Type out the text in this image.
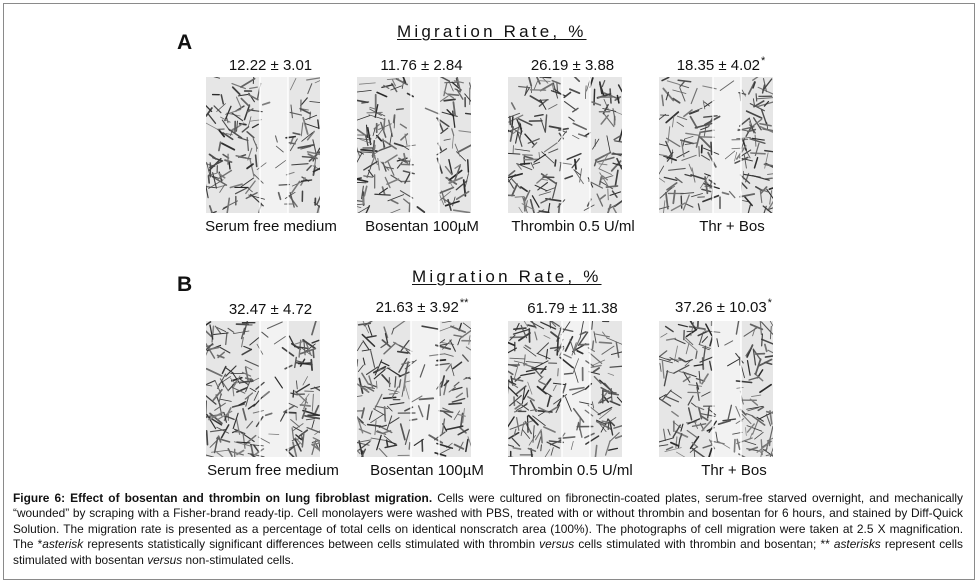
A	Migration Rate, %
12.22 ± 3.01	11.76 ± 2.84	26.19 ± 3.88	18.35 ± 4.02*
Serum free medium	Bosentan 100µM	Thrombin 0.5 U/ml	Thr + Bos
B	Migration Rate, %
32.47 ± 4.72	21.63 ± 3.92**	61.79 ± 11.38	37.26 ± 10.03*
Serum free medium	Bosentan 100µM	Thrombin 0.5 U/ml	Thr + Bos
Figure 6: Effect of bosentan and thrombin on lung fibroblast migration. Cells were cultured on fibronectin-coated plates, serum-free starved overnight, and mechanically “wounded” by scraping with a Fisher-brand ready-tip. Cell monolayers were washed with PBS, treated with or without thrombin and bosentan for 6 hours, and stained by Diff-Quick Solution. The migration rate is presented as a percentage of total cells on identical nonscratch area (100%). The photographs of cell migration were taken at 2.5 X magnification. The *asterisk represents statistically significant differences between cells stimulated with thrombin versus cells stimulated with thrombin and bosentan; ** asterisks represent cells stimulated with bosentan versus non-stimulated cells.
